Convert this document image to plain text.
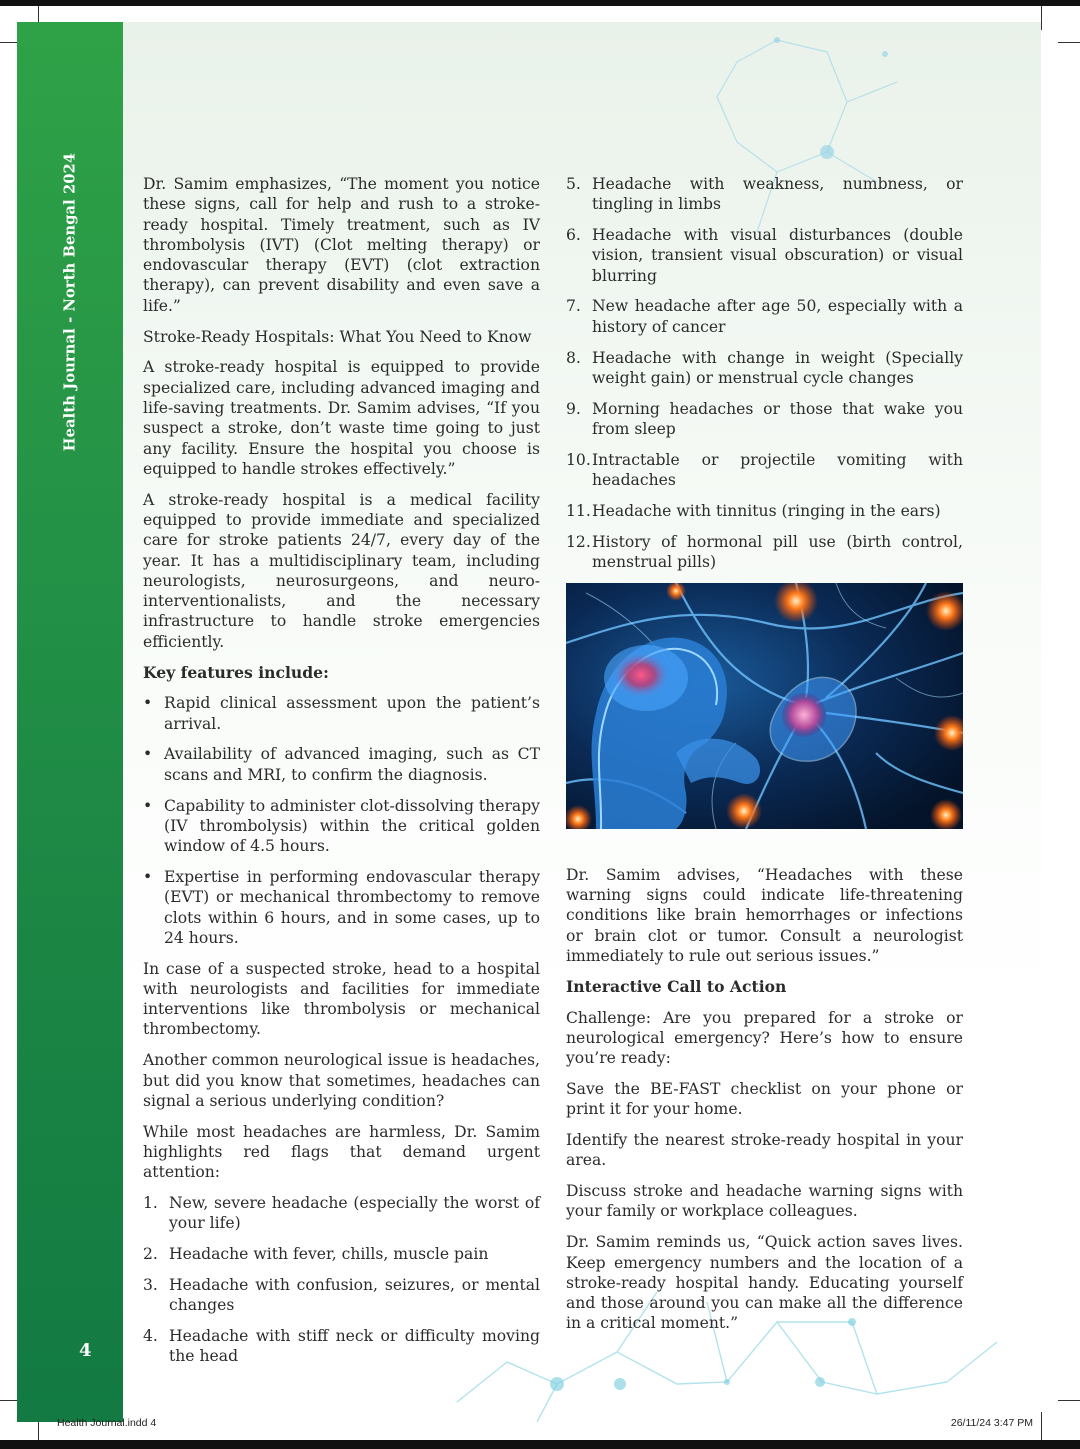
Health Journal - North Bengal 2024
4

Dr. Samim emphasizes, “The moment you notice these signs, call for help and rush to a stroke-ready hospital. Timely treatment, such as IV thrombolysis (IVT) (Clot melting therapy) or endovascular therapy (EVT) (clot extraction therapy), can prevent disability and even save a life.”

Stroke-Ready Hospitals: What You Need to Know

A stroke-ready hospital is equipped to provide specialized care, including advanced imaging and life-saving treatments. Dr. Samim advises, “If you suspect a stroke, don’t waste time going to just any facility. Ensure the hospital you choose is equipped to handle strokes effectively.”

A stroke-ready hospital is a medical facility equipped to provide immediate and specialized care for stroke patients 24/7, every day of the year. It has a multidisciplinary team, including neurologists, neurosurgeons, and neuro-interventionalists, and the necessary infrastructure to handle stroke emergencies efficiently.

Key features include:

• Rapid clinical assessment upon the patient’s arrival.
• Availability of advanced imaging, such as CT scans and MRI, to confirm the diagnosis.
• Capability to administer clot-dissolving therapy (IV thrombolysis) within the critical golden window of 4.5 hours.
• Expertise in performing endovascular therapy (EVT) or mechanical thrombectomy to remove clots within 6 hours, and in some cases, up to 24 hours.

In case of a suspected stroke, head to a hospital with neurologists and facilities for immediate interventions like thrombolysis or mechanical thrombectomy.

Another common neurological issue is headaches, but did you know that sometimes, headaches can signal a serious underlying condition?

While most headaches are harmless, Dr. Samim highlights red flags that demand urgent attention:

1. New, severe headache (especially the worst of your life)
2. Headache with fever, chills, muscle pain
3. Headache with confusion, seizures, or mental changes
4. Headache with stiff neck or difficulty moving the head
5. Headache with weakness, numbness, or tingling in limbs
6. Headache with visual disturbances (double vision, transient visual obscuration) or visual blurring
7. New headache after age 50, especially with a history of cancer
8. Headache with change in weight (Specially weight gain) or menstrual cycle changes
9. Morning headaches or those that wake you from sleep
10. Intractable or projectile vomiting with headaches
11. Headache with tinnitus (ringing in the ears)
12. History of hormonal pill use (birth control, menstrual pills)

Dr. Samim advises, “Headaches with these warning signs could indicate life-threatening conditions like brain hemorrhages or infections or brain clot or tumor. Consult a neurologist immediately to rule out serious issues.”

Interactive Call to Action

Challenge: Are you prepared for a stroke or neurological emergency? Here’s how to ensure you’re ready:

Save the BE-FAST checklist on your phone or print it for your home.

Identify the nearest stroke-ready hospital in your area.

Discuss stroke and headache warning signs with your family or workplace colleagues.

Dr. Samim reminds us, “Quick action saves lives. Keep emergency numbers and the location of a stroke-ready hospital handy. Educating yourself and those around you can make all the difference in a critical moment.”

Health Journal.indd 4	26/11/24 3:47 PM
